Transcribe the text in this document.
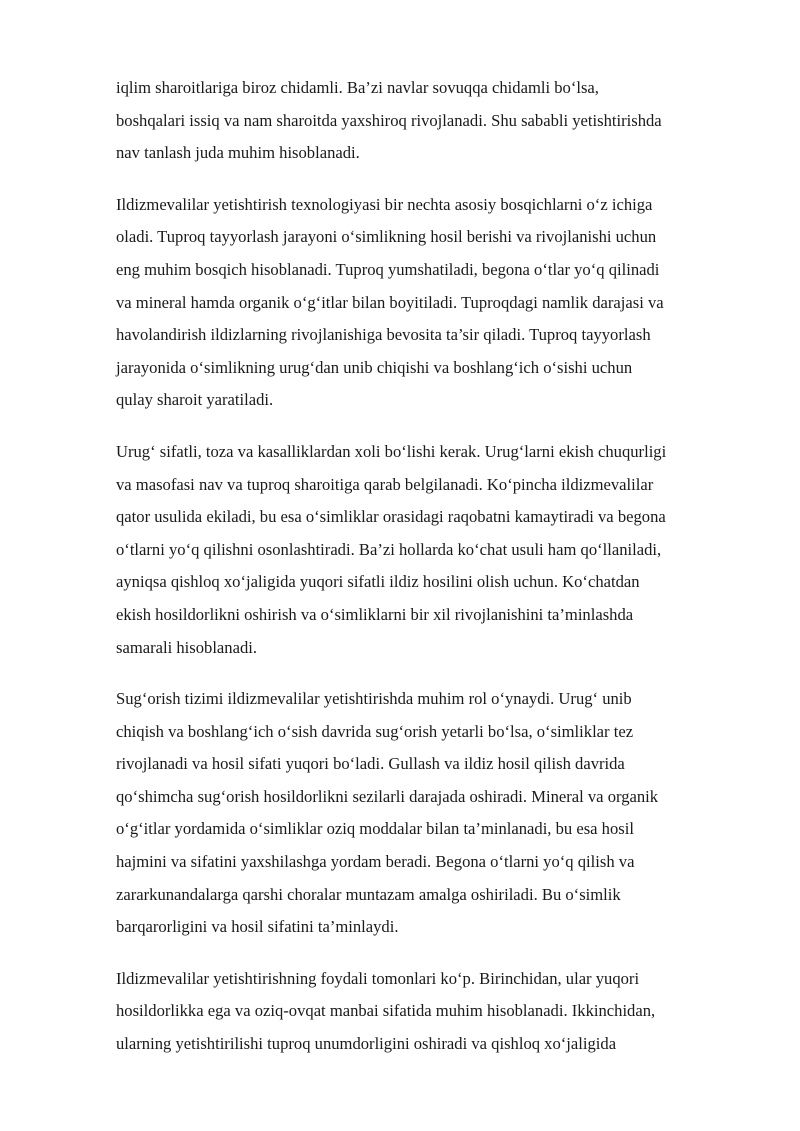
iqlim sharoitlariga biroz chidamli. Ba’zi navlar sovuqqa chidamli bo‘lsa,
boshqalari issiq va nam sharoitda yaxshiroq rivojlanadi. Shu sababli yetishtirishda
nav tanlash juda muhim hisoblanadi.

Ildizmevalilar yetishtirish texnologiyasi bir nechta asosiy bosqichlarni o‘z ichiga
oladi. Tuproq tayyorlash jarayoni o‘simlikning hosil berishi va rivojlanishi uchun
eng muhim bosqich hisoblanadi. Tuproq yumshatiladi, begona o‘tlar yo‘q qilinadi
va mineral hamda organik o‘g‘itlar bilan boyitiladi. Tuproqdagi namlik darajasi va
havolandirish ildizlarning rivojlanishiga bevosita ta’sir qiladi. Tuproq tayyorlash
jarayonida o‘simlikning urug‘dan unib chiqishi va boshlang‘ich o‘sishi uchun
qulay sharoit yaratiladi.

Urug‘ sifatli, toza va kasalliklardan xoli bo‘lishi kerak. Urug‘larni ekish chuqurligi
va masofasi nav va tuproq sharoitiga qarab belgilanadi. Ko‘pincha ildizmevalilar
qator usulida ekiladi, bu esa o‘simliklar orasidagi raqobatni kamaytiradi va begona
o‘tlarni yo‘q qilishni osonlashtiradi. Ba’zi hollarda ko‘chat usuli ham qo‘llaniladi,
ayniqsa qishloq xo‘jaligida yuqori sifatli ildiz hosilini olish uchun. Ko‘chatdan
ekish hosildorlikni oshirish va o‘simliklarni bir xil rivojlanishini ta’minlashda
samarali hisoblanadi.

Sug‘orish tizimi ildizmevalilar yetishtirishda muhim rol o‘ynaydi. Urug‘ unib
chiqish va boshlang‘ich o‘sish davrida sug‘orish yetarli bo‘lsa, o‘simliklar tez
rivojlanadi va hosil sifati yuqori bo‘ladi. Gullash va ildiz hosil qilish davrida
qo‘shimcha sug‘orish hosildorlikni sezilarli darajada oshiradi. Mineral va organik
o‘g‘itlar yordamida o‘simliklar oziq moddalar bilan ta’minlanadi, bu esa hosil
hajmini va sifatini yaxshilashga yordam beradi. Begona o‘tlarni yo‘q qilish va
zararkunandalarga qarshi choralar muntazam amalga oshiriladi. Bu o‘simlik
barqarorligini va hosil sifatini ta’minlaydi.

Ildizmevalilar yetishtirishning foydali tomonlari ko‘p. Birinchidan, ular yuqori
hosildorlikka ega va oziq-ovqat manbai sifatida muhim hisoblanadi. Ikkinchidan,
ularning yetishtirilishi tuproq unumdorligini oshiradi va qishloq xo‘jaligida
